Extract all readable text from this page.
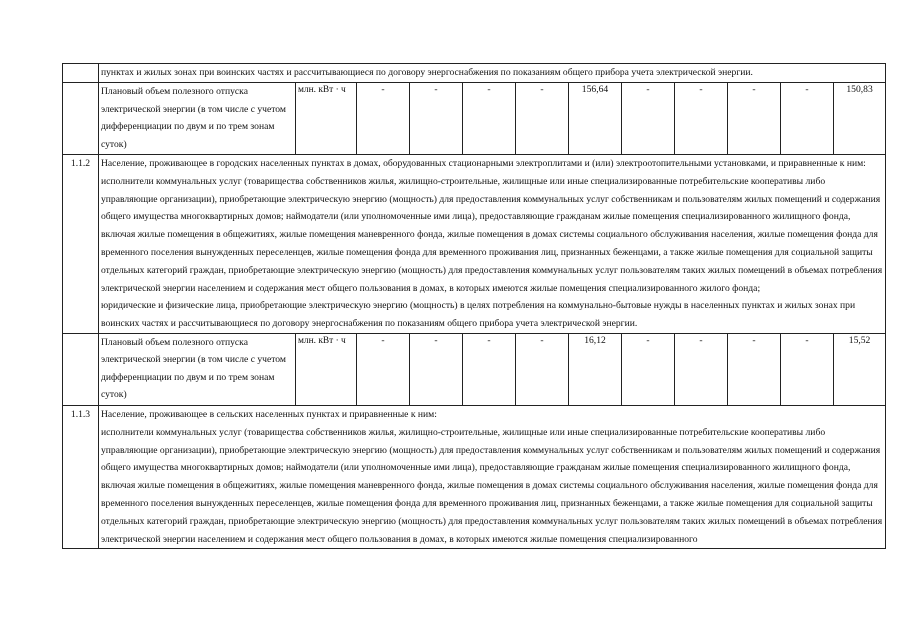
	пунктах и жилых зонах при воинских частях и рассчитывающиеся по договору энергоснабжения по показаниям общего прибора учета электрической энергии.											
	Плановый объем полезного отпуска электрической энергии (в том числе с учетом дифференциации по двум и по трем зонам суток)	млн. кВт · ч	-	-	-	-	156,64	-	-	-	-	150,83
1.1.2	Население, проживающее в городских населенных пунктах в домах, оборудованных стационарными электроплитами и (или) электроотопительными установками, и приравненные к ним:
исполнители коммунальных услуг (товарищества собственников жилья, жилищно-строительные, жилищные или иные специализированные потребительские кооперативы либо управляющие организации), приобретающие электрическую энергию (мощность) для предоставления коммунальных услуг собственникам и пользователям жилых помещений и содержания общего имущества многоквартирных домов; наймодатели (или уполномоченные ими лица), предоставляющие гражданам жилые помещения специализированного жилищного фонда, включая жилые помещения в общежитиях, жилые помещения маневренного фонда, жилые помещения в домах системы социального обслуживания населения, жилые помещения фонда для временного поселения вынужденных переселенцев, жилые помещения фонда для временного проживания лиц, признанных беженцами, а также жилые помещения для социальной защиты отдельных категорий граждан, приобретающие электрическую энергию (мощность) для предоставления коммунальных услуг пользователям таких жилых помещений в объемах потребления электрической энергии населением и содержания мест общего пользования в домах, в которых имеются жилые помещения специализированного жилого фонда;
юридические и физические лица, приобретающие электрическую энергию (мощность) в целях потребления на коммунально-бытовые нужды в населенных пунктах и жилых зонах при воинских частях и рассчитывающиеся по договору энергоснабжения по показаниям общего прибора учета электрической энергии.											

	Плановый объем полезного отпуска электрической энергии (в том числе с учетом дифференциации по двум и по трем зонам суток)	млн. кВт · ч	-	-	-	-	16,12	-	-	-	-	15,52
1.1.3	Население, проживающее в сельских населенных пунктах и приравненные к ним:
исполнители коммунальных услуг (товарищества собственников жилья, жилищно-строительные, жилищные или иные специализированные потребительские кооперативы либо управляющие организации), приобретающие электрическую энергию (мощность) для предоставления коммунальных услуг собственникам и пользователям жилых помещений и содержания общего имущества многоквартирных домов; наймодатели (или уполномоченные ими лица), предоставляющие гражданам жилые помещения специализированного жилищного фонда, включая жилые помещения в общежитиях, жилые помещения маневренного фонда, жилые помещения в домах системы социального обслуживания населения, жилые помещения фонда для временного поселения вынужденных переселенцев, жилые помещения фонда для временного проживания лиц, признанных беженцами, а также жилые помещения для социальной защиты отдельных категорий граждан, приобретающие электрическую энергию (мощность) для предоставления коммунальных услуг пользователям таких жилых помещений в объемах потребления электрической энергии населением и содержания мест общего пользования в домах, в которых имеются жилые помещения специализированного											
